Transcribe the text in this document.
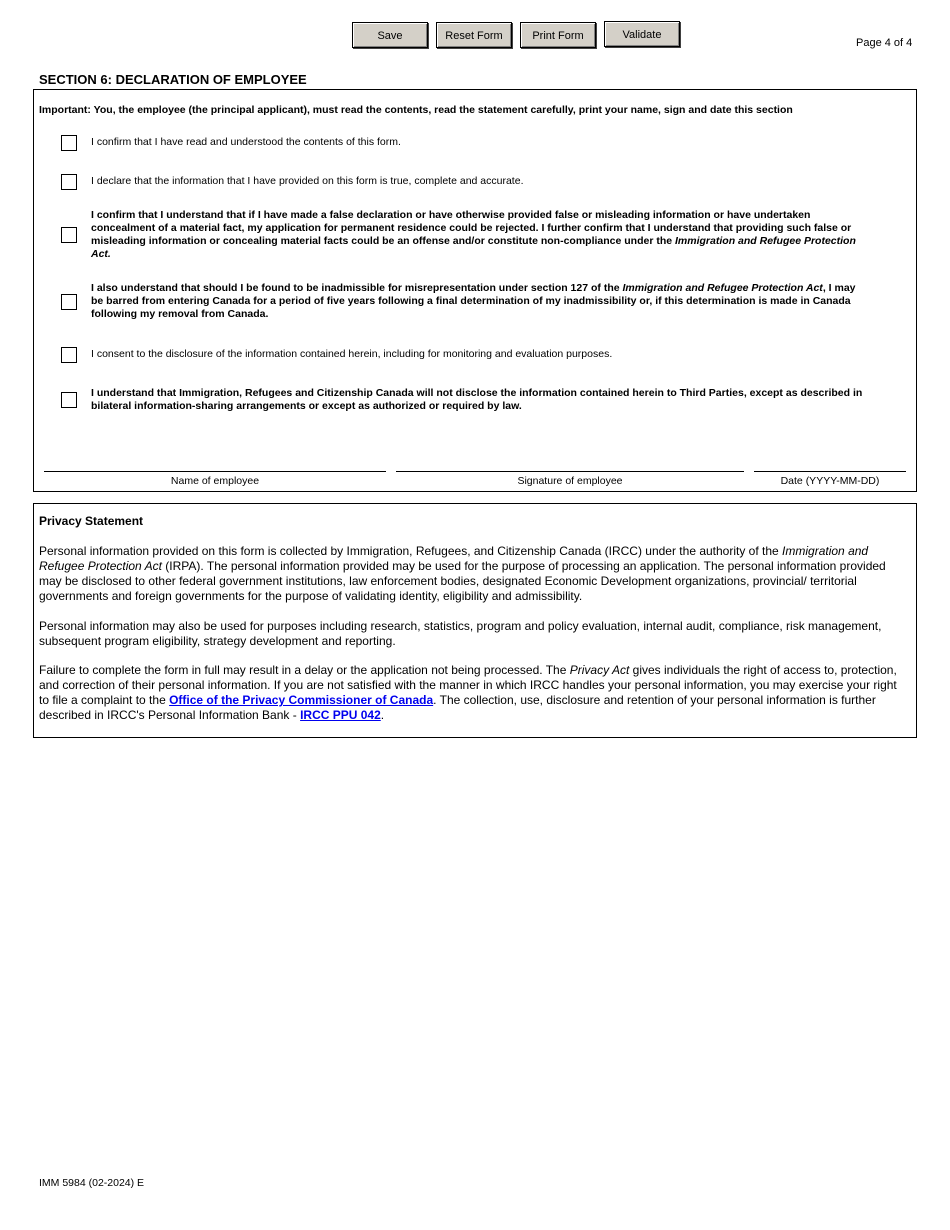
Save	Reset Form	Print Form	Validate
Page 4 of 4
SECTION 6: DECLARATION OF EMPLOYEE
Important: You, the employee (the principal applicant), must read the contents, read the statement carefully, print your name, sign and date this section
I confirm that I have read and understood the contents of this form.
I declare that the information that I have provided on this form is true, complete and accurate.
I confirm that I understand that if I have made a false declaration or have otherwise provided false or misleading information or have undertaken concealment of a material fact, my application for permanent residence could be rejected. I further confirm that I understand that providing such false or misleading information or concealing material facts could be an offense and/or constitute non-compliance under the Immigration and Refugee Protection Act.
I also understand that should I be found to be inadmissible for misrepresentation under section 127 of the Immigration and Refugee Protection Act, I may be barred from entering Canada for a period of five years following a final determination of my inadmissibility or, if this determination is made in Canada following my removal from Canada.
I consent to the disclosure of the information contained herein, including for monitoring and evaluation purposes.
I understand that Immigration, Refugees and Citizenship Canada will not disclose the information contained herein to Third Parties, except as described in bilateral information-sharing arrangements or except as authorized or required by law.
Name of employee	Signature of employee	Date (YYYY-MM-DD)
Privacy Statement
Personal information provided on this form is collected by Immigration, Refugees, and Citizenship Canada (IRCC) under the authority of the Immigration and Refugee Protection Act (IRPA). The personal information provided may be used for the purpose of processing an application. The personal information provided may be disclosed to other federal government institutions, law enforcement bodies, designated Economic Development organizations, provincial/ territorial governments and foreign governments for the purpose of validating identity, eligibility and admissibility.
Personal information may also be used for purposes including research, statistics, program and policy evaluation, internal audit, compliance, risk management, subsequent program eligibility, strategy development and reporting.
Failure to complete the form in full may result in a delay or the application not being processed. The Privacy Act gives individuals the right of access to, protection, and correction of their personal information. If you are not satisfied with the manner in which IRCC handles your personal information, you may exercise your right to file a complaint to the Office of the Privacy Commissioner of Canada. The collection, use, disclosure and retention of your personal information is further described in IRCC's Personal Information Bank - IRCC PPU 042.
IMM 5984 (02-2024) E
